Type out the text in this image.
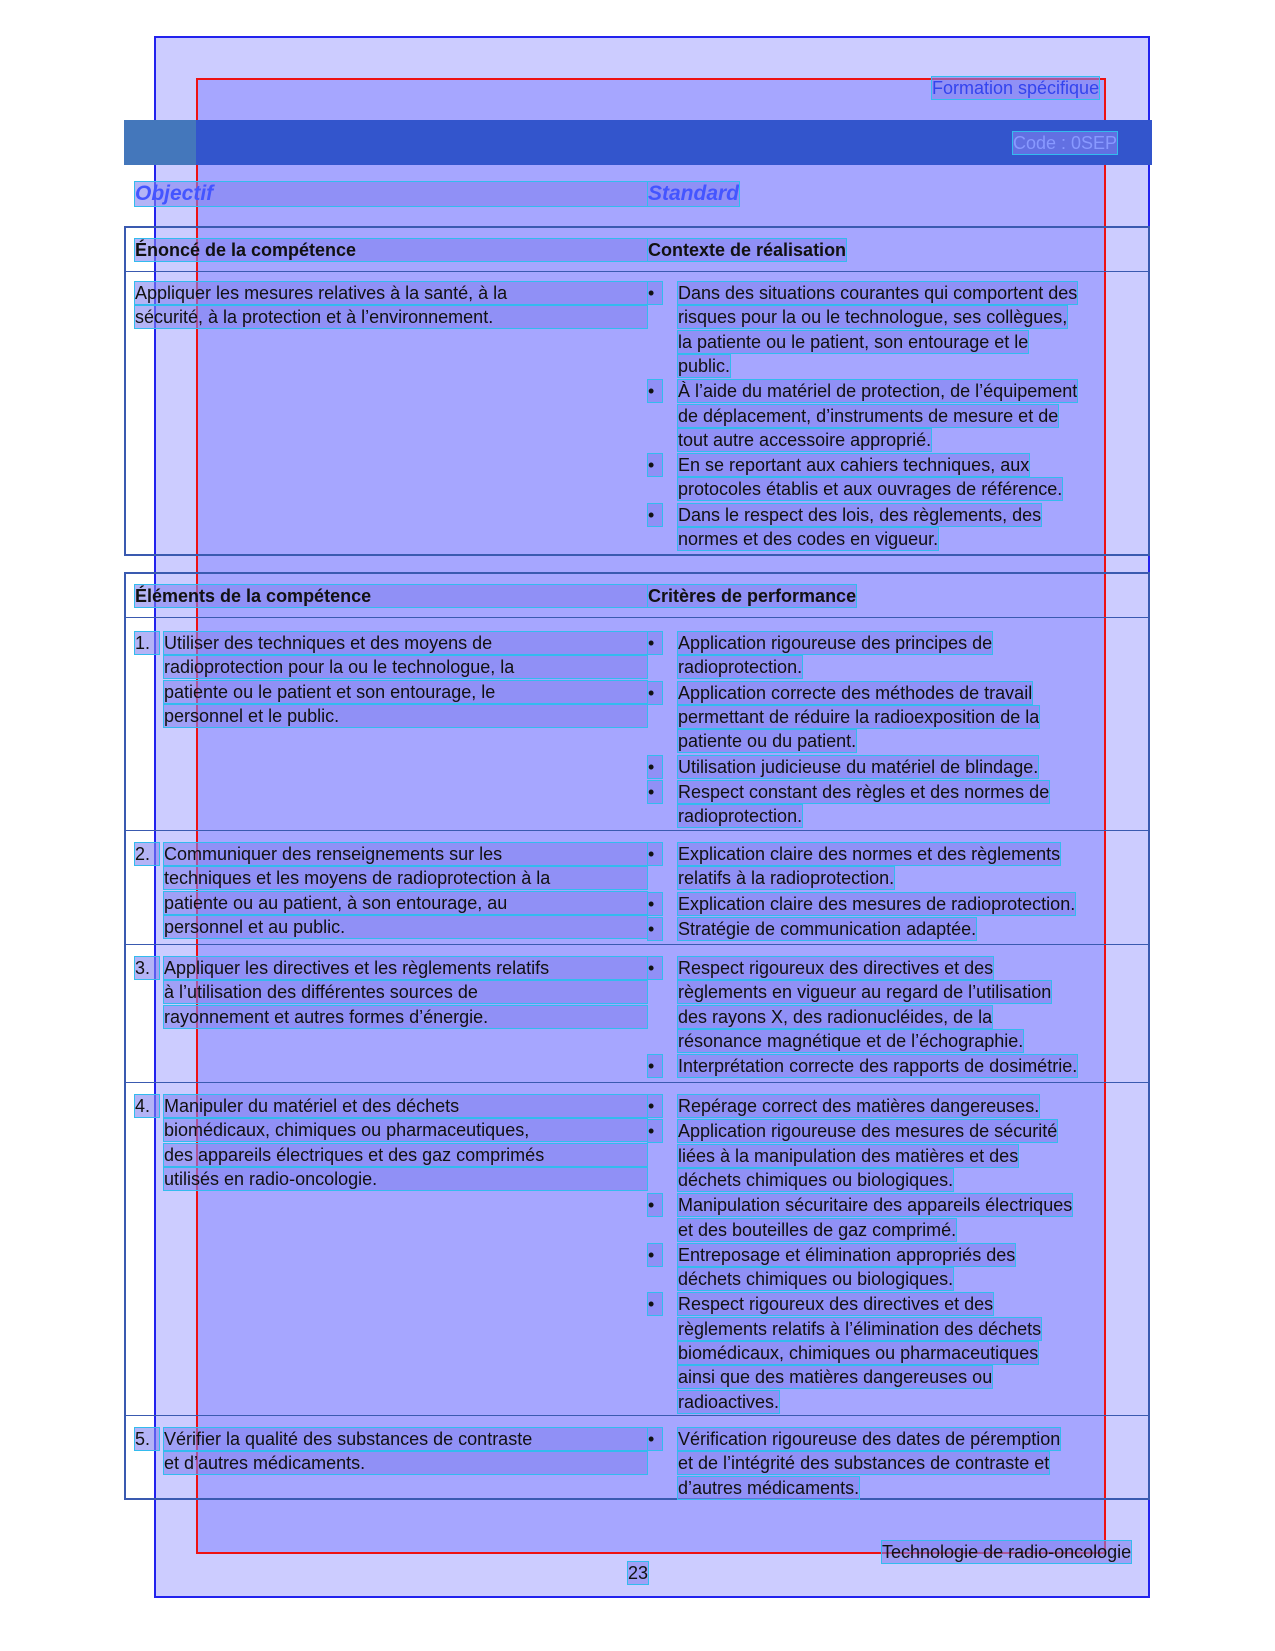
Formation spécifique
Code : 0SEP
Objectif	Standard
Énoncé de la compétence	Contexte de réalisation
Appliquer les mesures relatives à la santé, à la
sécurité, à la protection et à l’environnement.
•	Dans des situations courantes qui comportent des
risques pour la ou le technologue, ses collègues,
la patiente ou le patient, son entourage et le
public.
•	À l’aide du matériel de protection, de l’équipement
de déplacement, d’instruments de mesure et de
tout autre accessoire approprié.
•	En se reportant aux cahiers techniques, aux
protocoles établis et aux ouvrages de référence.
•	Dans le respect des lois, des règlements, des
normes et des codes en vigueur.
Éléments de la compétence	Critères de performance
1. Utiliser des techniques et des moyens de
radioprotection pour la ou le technologue, la
patiente ou le patient et son entourage, le
personnel et le public.
•	Application rigoureuse des principes de
radioprotection.
•	Application correcte des méthodes de travail
permettant de réduire la radioexposition de la
patiente ou du patient.
•	Utilisation judicieuse du matériel de blindage.
•	Respect constant des règles et des normes de
radioprotection.
2. Communiquer des renseignements sur les
techniques et les moyens de radioprotection à la
patiente ou au patient, à son entourage, au
personnel et au public.
•	Explication claire des normes et des règlements
relatifs à la radioprotection.
•	Explication claire des mesures de radioprotection.
•	Stratégie de communication adaptée.
3. Appliquer les directives et les règlements relatifs
à l’utilisation des différentes sources de
rayonnement et autres formes d’énergie.
•	Respect rigoureux des directives et des
règlements en vigueur au regard de l’utilisation
des rayons X, des radionucléides, de la
résonance magnétique et de l’échographie.
•	Interprétation correcte des rapports de dosimétrie.
4. Manipuler du matériel et des déchets
biomédicaux, chimiques ou pharmaceutiques,
des appareils électriques et des gaz comprimés
utilisés en radio-oncologie.
•	Repérage correct des matières dangereuses.
•	Application rigoureuse des mesures de sécurité
liées à la manipulation des matières et des
déchets chimiques ou biologiques.
•	Manipulation sécuritaire des appareils électriques
et des bouteilles de gaz comprimé.
•	Entreposage et élimination appropriés des
déchets chimiques ou biologiques.
•	Respect rigoureux des directives et des
règlements relatifs à l’élimination des déchets
biomédicaux, chimiques ou pharmaceutiques
ainsi que des matières dangereuses ou
radioactives.
5. Vérifier la qualité des substances de contraste
et d’autres médicaments.
•	Vérification rigoureuse des dates de péremption
et de l’intégrité des substances de contraste et
d’autres médicaments.
Technologie de radio-oncologie
23
